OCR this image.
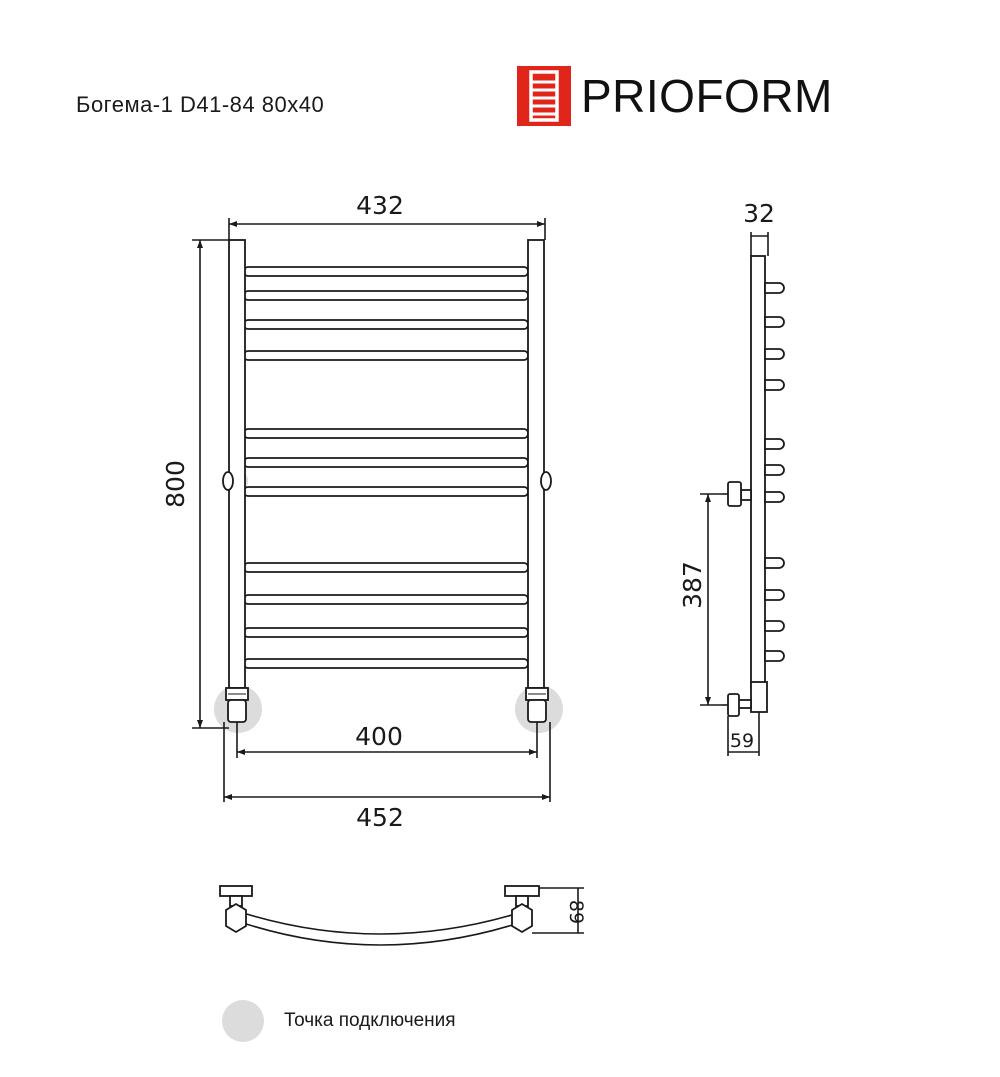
Богема-1 D41-84 80x40	PRIOFORM
432
800
400
452
32
387
59
89
Точка подключения
